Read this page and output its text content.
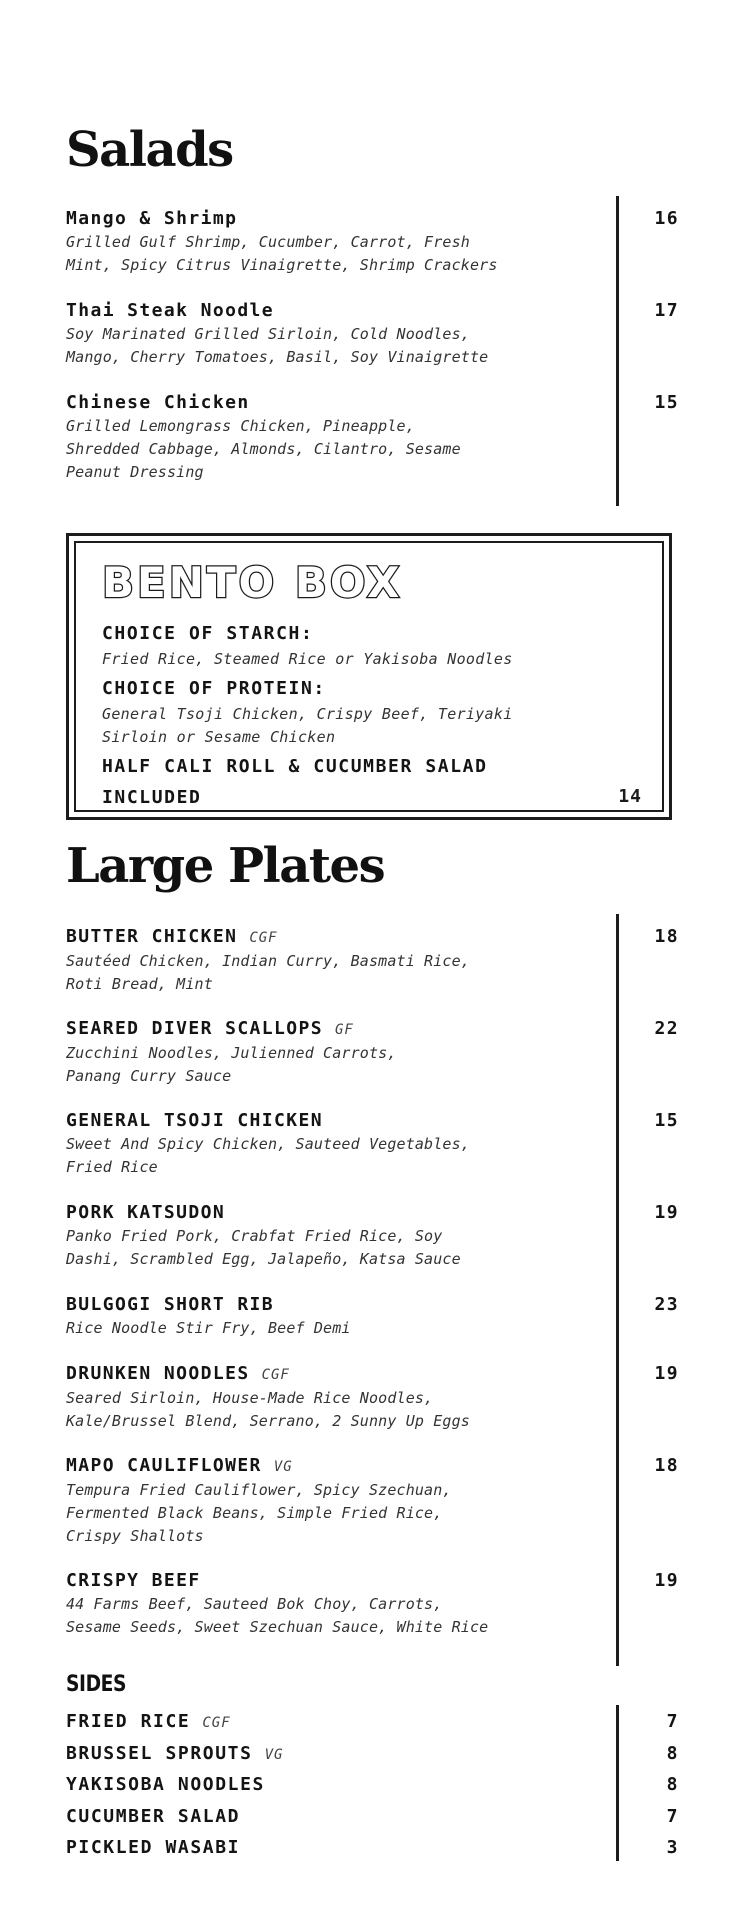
Salads
Mango & Shrimp	16
Grilled Gulf Shrimp, Cucumber, Carrot, Fresh
Mint, Spicy Citrus Vinaigrette, Shrimp Crackers
Thai Steak Noodle	17
Soy Marinated Grilled Sirloin, Cold Noodles,
Mango, Cherry Tomatoes, Basil, Soy Vinaigrette
Chinese Chicken	15
Grilled Lemongrass Chicken, Pineapple,
Shredded Cabbage, Almonds, Cilantro, Sesame
Peanut Dressing
BENTO BOX
CHOICE OF STARCH:
Fried Rice, Steamed Rice or Yakisoba Noodles
CHOICE OF PROTEIN:
General Tsoji Chicken, Crispy Beef, Teriyaki
Sirloin or Sesame Chicken
HALF CALI ROLL & CUCUMBER SALAD
INCLUDED	14
Large Plates
BUTTER CHICKEN CGF	18
Sautéed Chicken, Indian Curry, Basmati Rice,
Roti Bread, Mint
SEARED DIVER SCALLOPS GF	22
Zucchini Noodles, Julienned Carrots,
Panang Curry Sauce
GENERAL TSOJI CHICKEN	15
Sweet And Spicy Chicken, Sauteed Vegetables,
Fried Rice
PORK KATSUDON	19
Panko Fried Pork, Crabfat Fried Rice, Soy
Dashi, Scrambled Egg, Jalapeño, Katsa Sauce
BULGOGI SHORT RIB	23
Rice Noodle Stir Fry, Beef Demi
DRUNKEN NOODLES CGF	19
Seared Sirloin, House-Made Rice Noodles,
Kale/Brussel Blend, Serrano, 2 Sunny Up Eggs
MAPO CAULIFLOWER VG	18
Tempura Fried Cauliflower, Spicy Szechuan,
Fermented Black Beans, Simple Fried Rice,
Crispy Shallots
CRISPY BEEF	19
44 Farms Beef, Sauteed Bok Choy, Carrots,
Sesame Seeds, Sweet Szechuan Sauce, White Rice
SIDES
FRIED RICE CGF	7
BRUSSEL SPROUTS VG	8
YAKISOBA NOODLES	8
CUCUMBER SALAD	7
PICKLED WASABI	3
